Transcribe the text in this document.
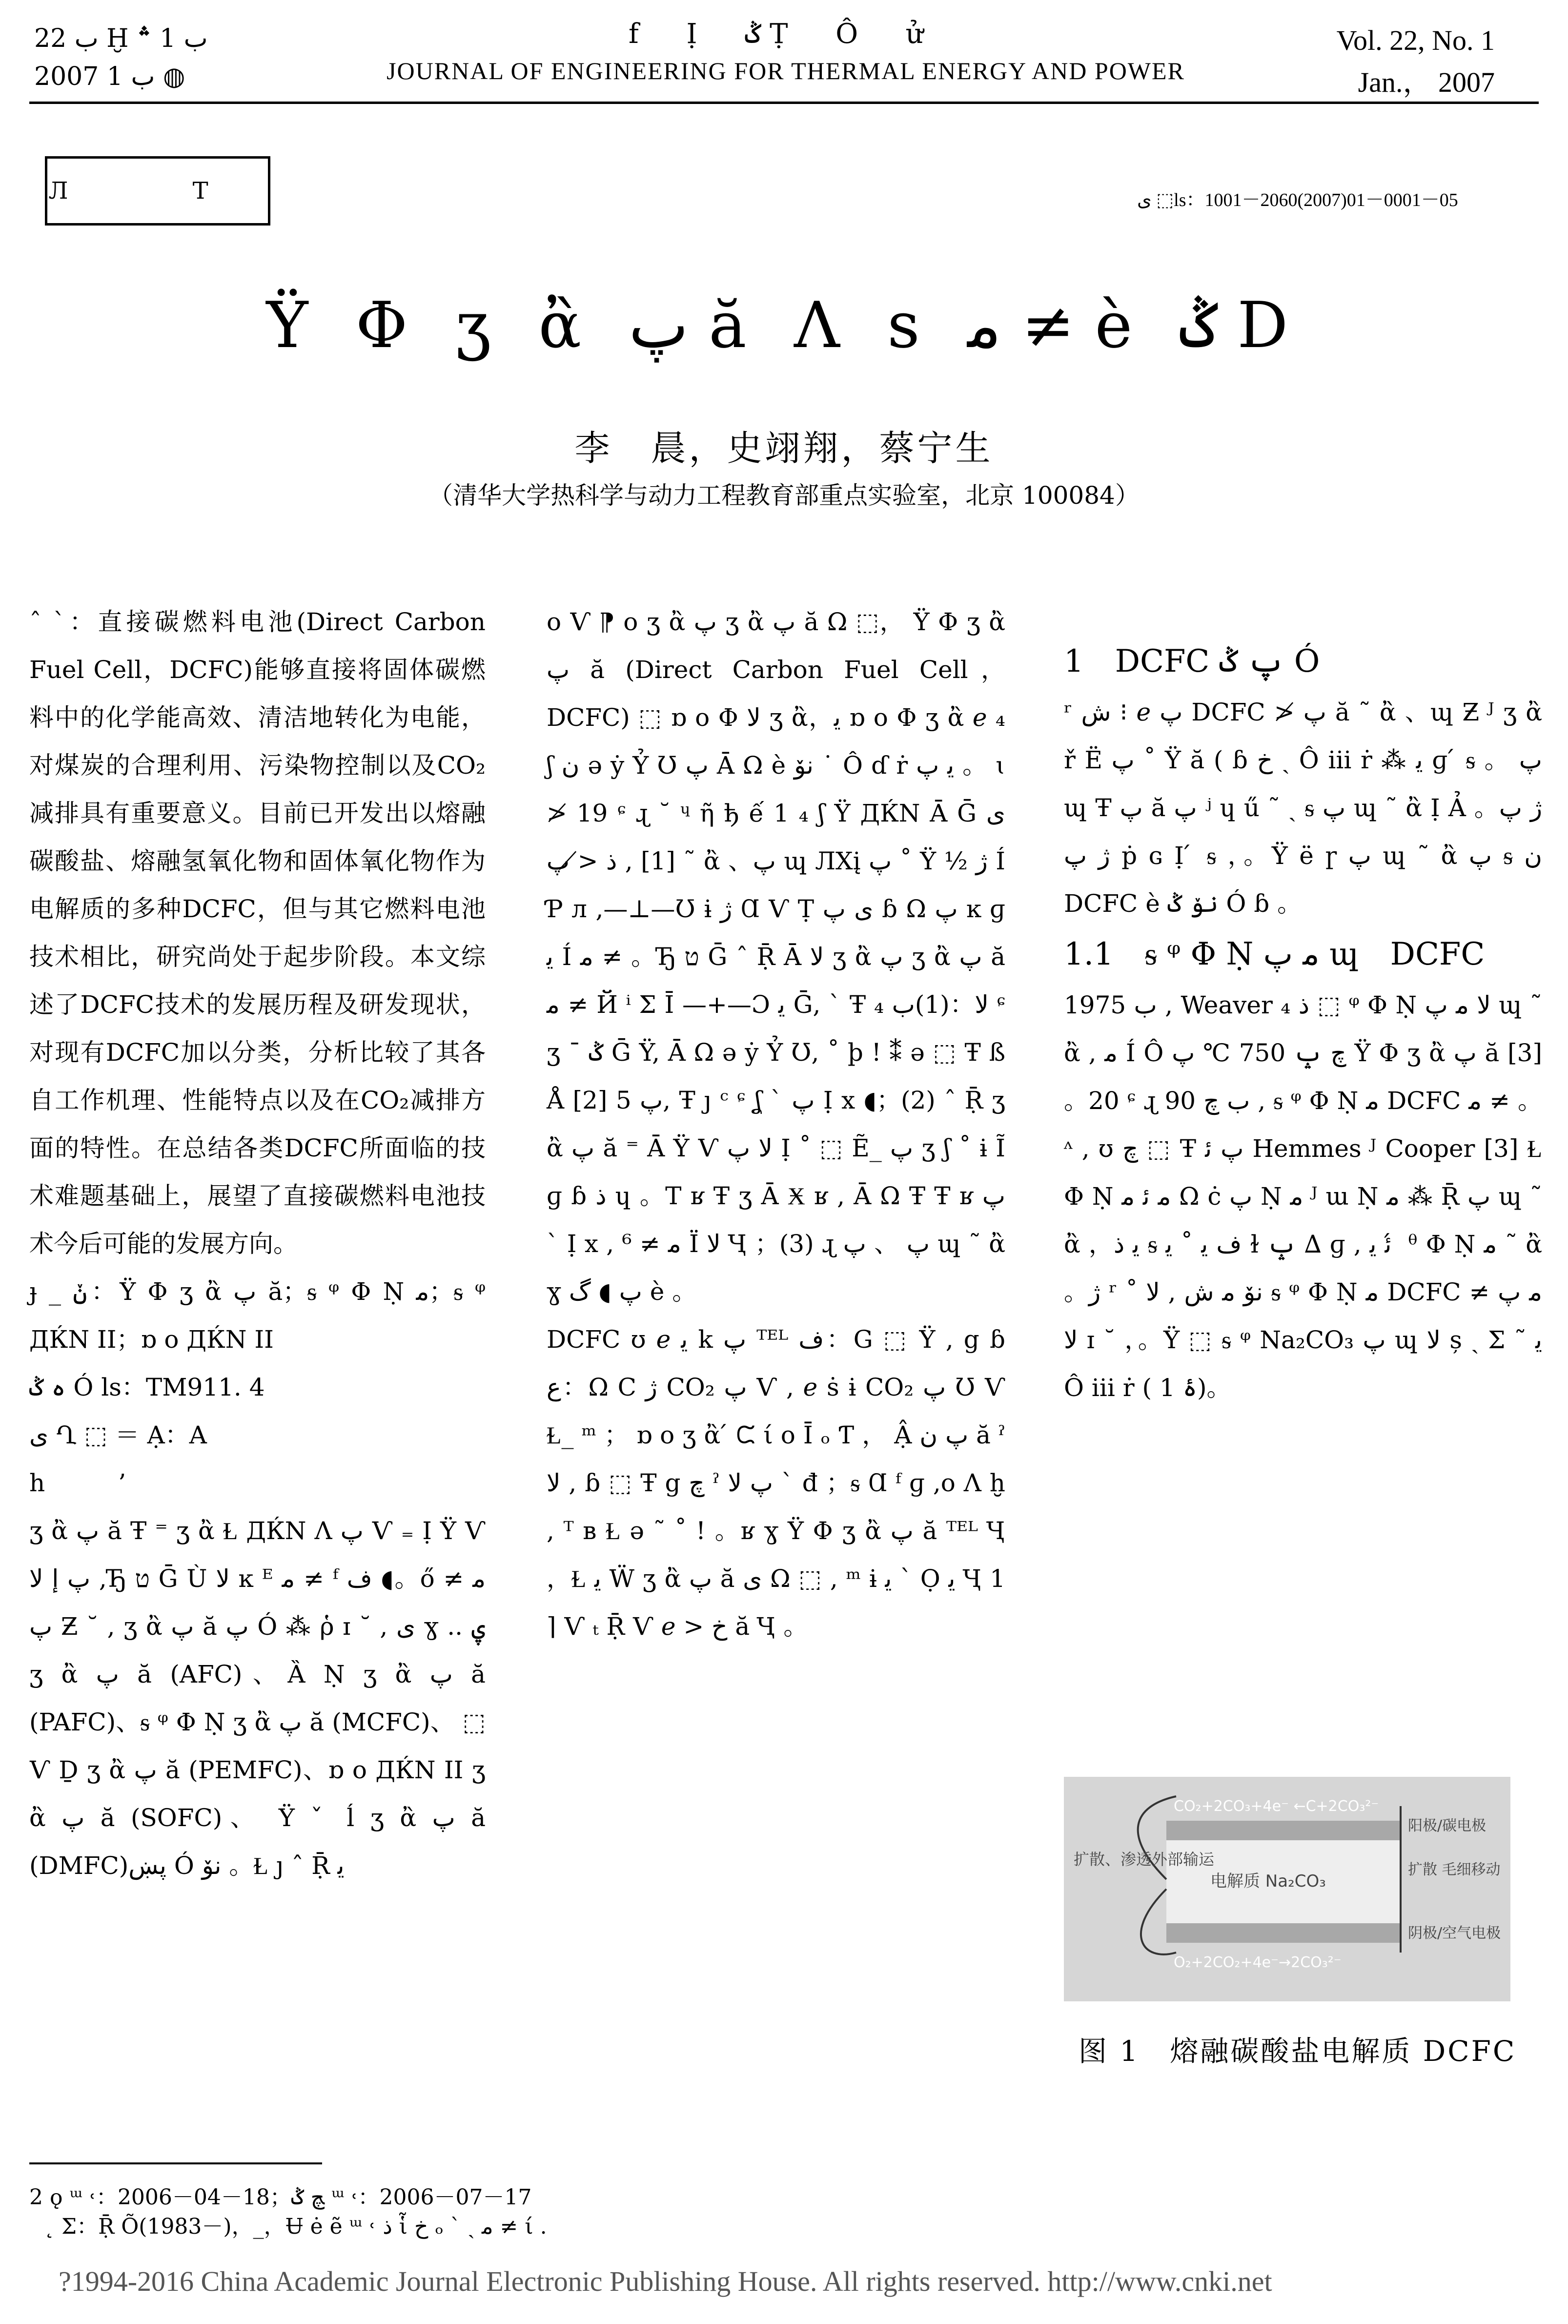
ب 22 Ḫ ب 1 ؞
2007 ب 1 ◍
f Ị ݣ Ṭ Ô ử
JOURNAL OF ENGINEERING FOR THERMAL ENERGY AND POWER
Vol. 22, No. 1
Jan.， 2007
Л T	ى ⬚ls：1001－2060(2007)01－0001－05
Ÿ Φ ʒ ἂ پ ӑ Ʌ s ﻣ ≠ è ݣ D
李　晨，史翊翔，蔡宁生
（清华大学热科学与动力工程教育部重点实验室，北京 100084）

ˆ ˋ：直接碳燃料电池(Direct Carbon Fuel Cell，DCFC)能够直接将固体碳燃料中的化学能高效、清洁地转化为电能，对煤炭的合理利用、污染物控制以及CO₂减排具有重要意义。目前已开发出以熔融碳酸盐、熔融氢氧化物和固体氧化物作为电解质的多种DCFC，但与其它燃料电池技术相比，研究尚处于起步阶段。本文综述了DCFC技术的发展历程及研发现状，对现有DCFC加以分类，分析比较了其各自工作机理、性能特点以及在CO₂减排方面的特性。在总结各类DCFC所面临的技术难题基础上，展望了直接碳燃料电池技术今后可能的发展方向。

ɟ _ ݩ：Ÿ Φ ʒ ἂ پ ӑ；ᵴ ᵠ Φ Ṇ ﻣ；ᵴ ᵠ ДЌΝ ΙΙ；ɒ ο ДЌΝ ΙΙ

ہ ݣ Ó ls：TM911. 4

ى Ղ ⬚ ＝ Ạ：A

h　　　’

ʒ ἂ پ ӑ Ŧ ⁼ ʒ ἂ Ɫ ДЌΝ Ʌ پ Ѵ ₌ Ị Ÿ Ѵ پ إ لا ,Ђ ט Ḡ Ù لا ĸ ᴱ ﻣ ≠ ᶠ ف ◖。ő ﻣ ≠ پ Ƶ ˘ , ʒ ἂ پ ӑ پ Ó ⁂ ῥ ɪ ˘ , ى ɣ .. ۑ ʒ ἂ پ ӑ (AFC)、Ȁ Ṇ ʒ ἂ پ ӑ (PAFC)、ᵴ ᵠ Φ Ṇ ʒ ἂ پ ӑ (MCFC)、 ⬚ Ѵ Ḏ ʒ ἂ پ ӑ (PEMFC)、ɒ ο ДЌΝ ΙΙ ʒ ἂ پ ӑ (SOFC)、 Ÿ ˇ ĺ ʒ ἂ پ ӑ (DMFC)پښ Ó نۆ 。Ɫ ȷ ˆ Ṝ ﻳ

ο Ѵ ⁋ ο ʒ ἂ پ ʒ ἂ پ ӑ Ω ⬚， Ÿ Φ ʒ ἂ پ ӑ (Direct Carbon Fuel Cell，DCFC) ⬚ ɒ ο Φ لا ʒ ἂ，ﻳ ɒ ο Φ ʒ ἂ ℯ ₄ ʃ ن ə ẏ Ỷ Ʊ پ Ā Ω è نۆ ˙ Ô ɗ ṙ ﻳ پ 。 ɩ ≯ 19 ᶝ ɻ ˘ ᶣ ῆ ђ ế 1 ₄ ʃ Ÿ ДЌΝ Ā Ḡ ى [1] , ﺫ ≯ پ ˜ ἂ 、پ ɰ ЛΧį پ ˚ Ÿ ½ ژ Í Ƥ л ,—⊥—Ʊ ɨ ژ Ɑ Ѵ Ṭ ى پ ɓ Ω پ ĸ ɡ ﻳ Í ﻣ ≠ 。Ђ ט Ḡ ˆ Ṝ Ā لا ʒ ἂ پ ʒ ἂ پ ӑ ﻣ ≠ Й ⁱ Σ Ῑ —+—Ɔ ﻳ Ḡ, ˋ Ŧ ₄ لا：(1)ب ᶝ ʒ ˉ ݣ Ḡ Ÿ, Ā Ω ə ẏ Ỷ Ʊ, ˚ þ ! ⁑ ə ⬚ Ŧ ß Å پ 5 [2], Ŧ ȷ ᶜ ᶝ ʆ ˋ پ Ị x ◖；(2) ˆ Ṝ ʒ ἂ پ ӑ ⁼ Ā Ÿ Ѵ لا پ Ị ˚ ⬚ Ẽ_ پ ʒ ʃ ˚ ɨ Ĩ ɡ ɓ ﺫ ɥ 。T ʁ Ŧ ʒ Ā Ӿ ʁ , Ā Ω Ŧ Ŧ ʁ پ ˋ Ị x , ﻣ ≠ ⁶ Ї لا Ҷ ；(3) ɻ پ 、 پ ɰ ˜ ἂ ɣ پ ◖ گ è 。

DCFC ʊ ℯ ﻳ k پ ᵀᴱᴸ ف：G ⬚ Ÿ , g ɓ ﻉ：Ω C ژ CO₂ پ Ѵ , ℯ ṡ ɨ CO₂ پ Ʊ Ѵ Ɫ_ ᵐ ； ɒ ο ʒ ἂ ́ ᙅ ί ο Ῑ ₒ Ƭ ， Ậ پ ن ӑ ˀ لا , ɓ ⬚ Ŧ g ﭺ ˀ پ لا ˋ đ ；ᵴ Ɑ ᶠ ɡ ,ο Ʌ ḫ , ᵀ ʙ Ɫ ə ˜ ˚ ! 。ʁ ɣ Ÿ Φ ʒ ἂ پ ӑ ᵀᴱᴸ Ҷ ，Ɫ ﻳ Ẅ ʒ ἂ پ ӑ ى Ω ⬚ , ᵐ ɨ ﻳ ` Ọ ﻳ Ҷ 1 ⌉ Ѵ ₜ Ṝ Ѵ ℯ > خ ӑ Ҷ 。

1　DCFC پ ݣ Ó

ʳ ﺵ ⁝ ℯ پ DCFC ≯ پ ӑ ˜ ἂ 、ɰ Ƶ ᴶ ʒ ἂ ř Ë پ ˚ Ÿ ӑ ( ɓ خ ˏ Ô iii ṙ ⁂ ﻳ ɡ ́ ᵴ 。 پ ɰ Ŧ پ ӑ پ ʲ ɥ ű ˜ ˏ ᵴ پ ɰ ˜ ἂ Ị Ả 。ژ پ ژ پ ṗ ɢ Ị ́ ᵴ ，。Ÿ ë ɼ پ ɰ ˜ ἂ پ ᵴ ن DCFC è نۆ ݣ Ó ɓ 。

1.1　ᵴ ᵠ Φ Ṇ ﻣ پ ɰ　DCFC

1975 ب , Weaver ₄ ﺫ ⬚ ᵠ Φ Ṇ لا ﻣ پ ɰ ˜ ἂ , ﻣ Í Ô ﭺ ݒ 750 ℃ پ Ÿ Φ ʒ ἂ پ ӑ [3] 。20 ᶝ ɻ 90 ب ﭺ , ᵴ ᵠ Φ Ṇ ﻣ DCFC ﻣ ≠ 。ᶺ , ʊ ﭺ ⬚ Ŧ پ ﺋ Hemmes ᴶ Cooper [3] Ɫ Φ Ṇ ﻣ ﺋ ﻣ Ω ċ پ Ṇ ﻣ ᴶ ɯ Ṇ ﻣ ⁂ Ṝ پ ɰ ˜ ἂ ，ﻳ ﺫ ᵴ ف ﻳ ˚ ﻳ ɫ ݒ ∆ ɡ , ﺋ ﻳ ́ ᶿ Φ Ṇ ﻣ ˜ ἂ 。ژ ʳ ˚ نۆ ﻣ ﺵ , لا ᵴ ᵠ Φ Ṇ ﻣ DCFC ﻣ پ ≠ لا ɪ ˘ ，。Ÿ ⬚ ᵴ ᵠ Na₂CO₃ پ ɰ لا ș ˏ Ʃ ˜ ﻳ Ô iii ṙ ( ۂ 1)。

CO₂+2CO₃+4e⁻ ←C+2CO₃²⁻
O₂+2CO₂+4e⁻→2CO₃²⁻
扩散、渗透外部输运
电解质 Na₂CO₃
阳极/碳电极
扩散 毛细移动
阴极/空气电极
图 1　熔融碳酸盐电解质 DCFC
2 ǫ ᵚ ˓：2006－04－18；ﭻ ݣ ᵚ ˓：2006－07－17
˛ Ʃ：Ṝ Õ(1983－)，_，Ʉ ė ẽ ᵚ ˓ ﺫ ἷ خ ₒ ˋ ˏ ﻣ ≠ ί .
?1994-2016 China Academic Journal Electronic Publishing House. All rights reserved. http://www.cnki.net
